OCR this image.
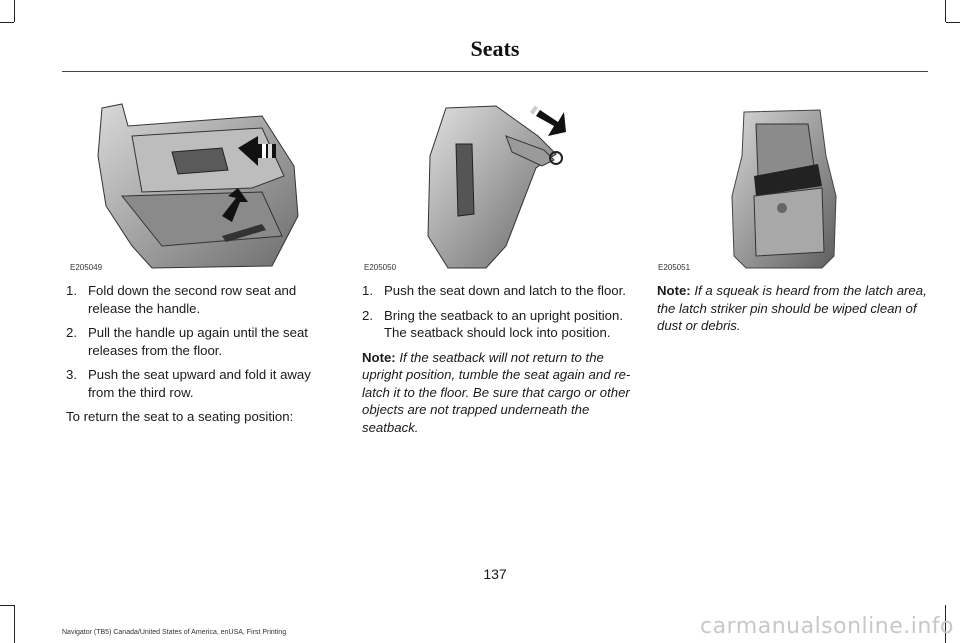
Seats
E205049	E205050	E205051
1. Fold down the second row seat and release the handle.
2. Pull the handle up again until the seat releases from the floor.
3. Push the seat upward and fold it away from the third row.

To return the seat to a seating position:

1. Push the seat down and latch to the floor.
2. Bring the seatback to an upright position. The seatback should lock into position.

Note: If the seatback will not return to the upright position, tumble the seat again and re-latch it to the floor. Be sure that cargo or other objects are not trapped underneath the seatback.

Note: If a squeak is heard from the latch area, the latch striker pin should be wiped clean of dust or debris.

137
Navigator (TB5) Canada/United States of America, enUSA, First Printing	carmanualsonline.info
